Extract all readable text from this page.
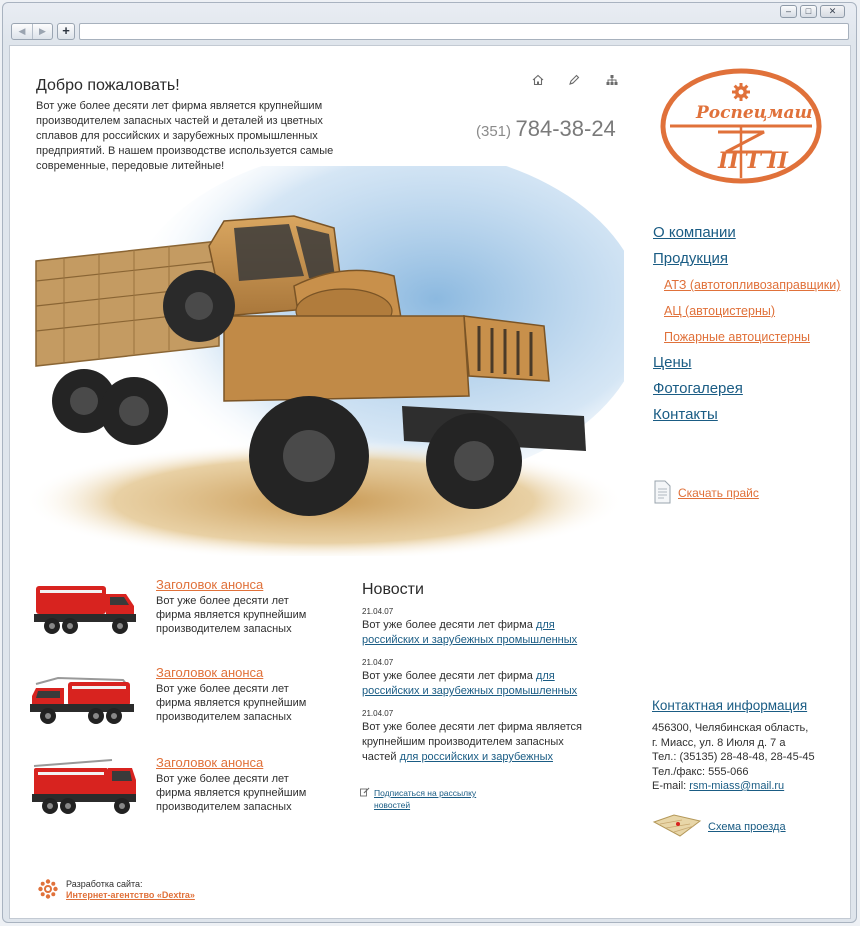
–	□	✕
◀	▶	+
Добро пожаловать!
Вот уже более десяти лет фирма является крупнейшим производителем запасных частей и деталей из цветных сплавов для российских и зарубежных промышленных предприятий. В нашем производстве используется самые современные, передовые литейные!
(351) 784-38-24
Роспецмаш
ПТП
О компании
Продукция
АТЗ (автотопливозаправщики)
АЦ (автоцистерны)
Пожарные автоцистерны
Цены
Фотогалерея
Контакты
Скачать прайс
Заголовок анонса
Вот уже более десяти лет фирма является крупнейшим производителем запасных
Заголовок анонса
Вот уже более десяти лет фирма является крупнейшим производителем запасных
Заголовок анонса
Вот уже более десяти лет фирма является крупнейшим производителем запасных
Новости
21.04.07
Вот уже более десяти лет фирма для российских и зарубежных промышленных
21.04.07
Вот уже более десяти лет фирма для российских и зарубежных промышленных
21.04.07
Вот уже более десяти лет фирма является крупнейшим производителем запасных частей для российских и зарубежных
Подписаться на рассылку новостей
Контактная информация
456300, Челябинская область,
г. Миасс, ул. 8 Июля д. 7 а
Тел.: (35135) 28-48-48, 28-45-45
Тел./факс: 555-066
E-mail: rsm-miass@mail.ru
Схема проезда
Разработка сайта:
Интернет-агентство «Dextra»
